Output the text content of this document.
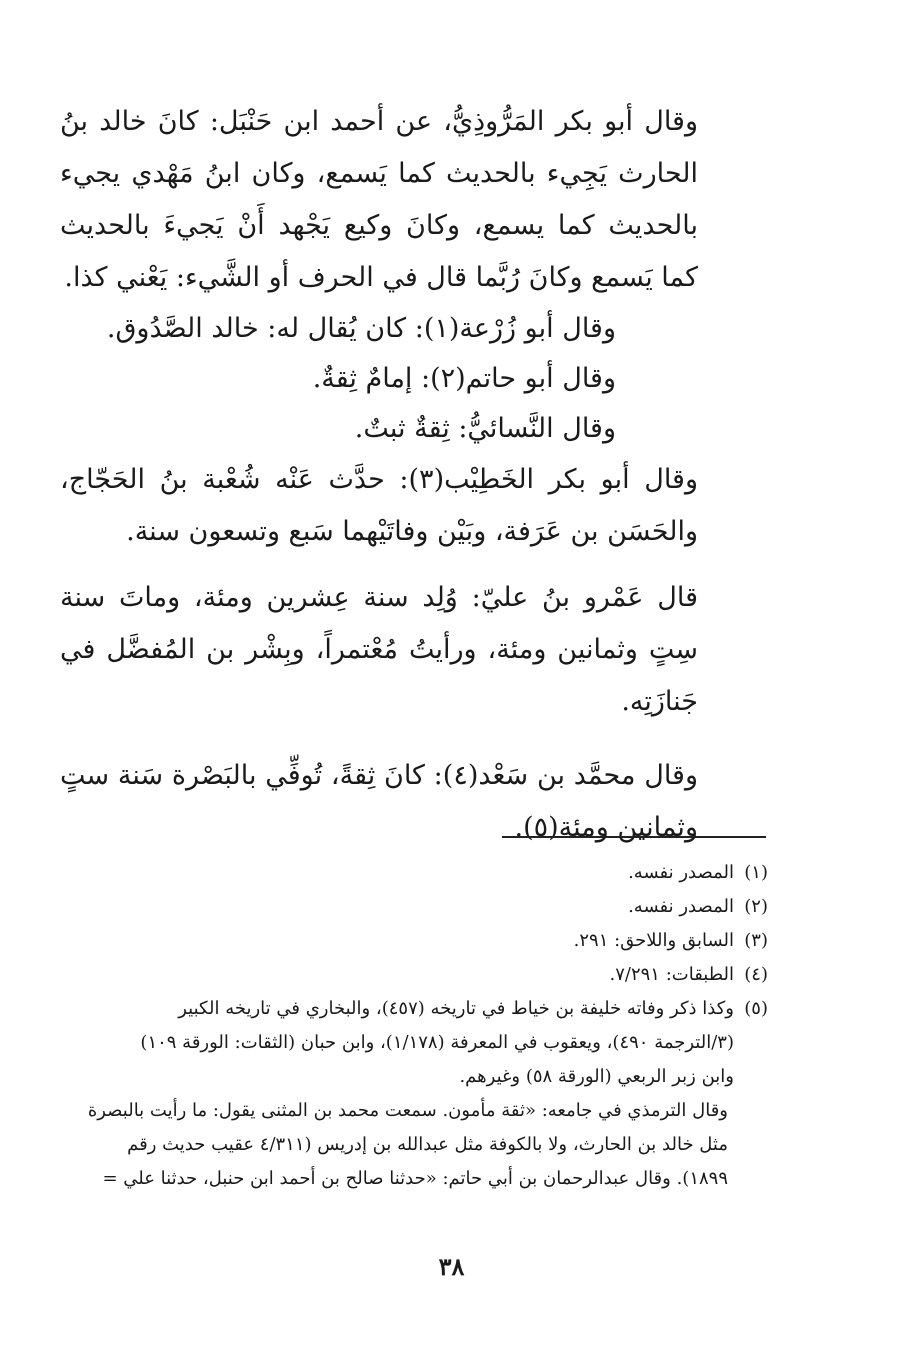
وقال أبو بكر المَرُّوذِيُّ، عن أحمد ابن حَنْبَل: كانَ خالد بنُ الحارث يَجِيء بالحديث كما يَسمع، وكان ابنُ مَهْدي يجيء بالحديث كما يسمع، وكانَ وكيع يَجْهد أَنْ يَجيءَ بالحديث كما يَسمع وكانَ رُبَّما قال في الحرف أو الشَّيء: يَعْني كذا.

وقال أبو زُرْعة(١): كان يُقال له: خالد الصَّدُوق.

وقال أبو حاتم(٢): إمامٌ ثِقةٌ.

وقال النَّسائيُّ: ثِقةٌ ثبتٌ.

وقال أبو بكر الخَطِيْب(٣): حدَّث عَنْه شُعْبة بنُ الحَجّاج، والحَسَن بن عَرَفة، وبَيْن وفاتَيْهما سَبع وتسعون سنة.

قال عَمْرو بنُ عليّ: وُلِد سنة عِشرين ومئة، وماتَ سنة سِتٍ وثمانين ومئة، ورأيتُ مُعْتمراً، وبِشْر بن المُفضَّل في جَنازَتِه.

وقال محمَّد بن سَعْد(٤): كانَ ثِقةً، تُوفِّي بالبَصْرة سَنة ستٍ وثمانين ومئة(٥).

(١)المصدر نفسه.

(٢)المصدر نفسه.

(٣)السابق واللاحق: ٢٩١.

(٤)الطبقات: ٧/٢٩١.

(٥)وكذا ذكر وفاته خليفة بن خياط في تاريخه (٤٥٧)، والبخاري في تاريخه الكبير

(٣/الترجمة ٤٩٠)، ويعقوب في المعرفة (١/١٧٨)، وابن حبان (الثقات: الورقة ١٠٩)

وابن زبر الربعي (الورقة ٥٨) وغيرهم.

وقال الترمذي في جامعه: «ثقة مأمون. سمعت محمد بن المثنى يقول: ما رأيت بالبصرة مثل خالد بن الحارث، ولا بالكوفة مثل عبدالله بن إدريس (٤/٣١١ عقيب حديث رقم ١٨٩٩). وقال عبدالرحمان بن أبي حاتم: «حدثنا صالح بن أحمد ابن حنبل، حدثنا علي =

٣٨
